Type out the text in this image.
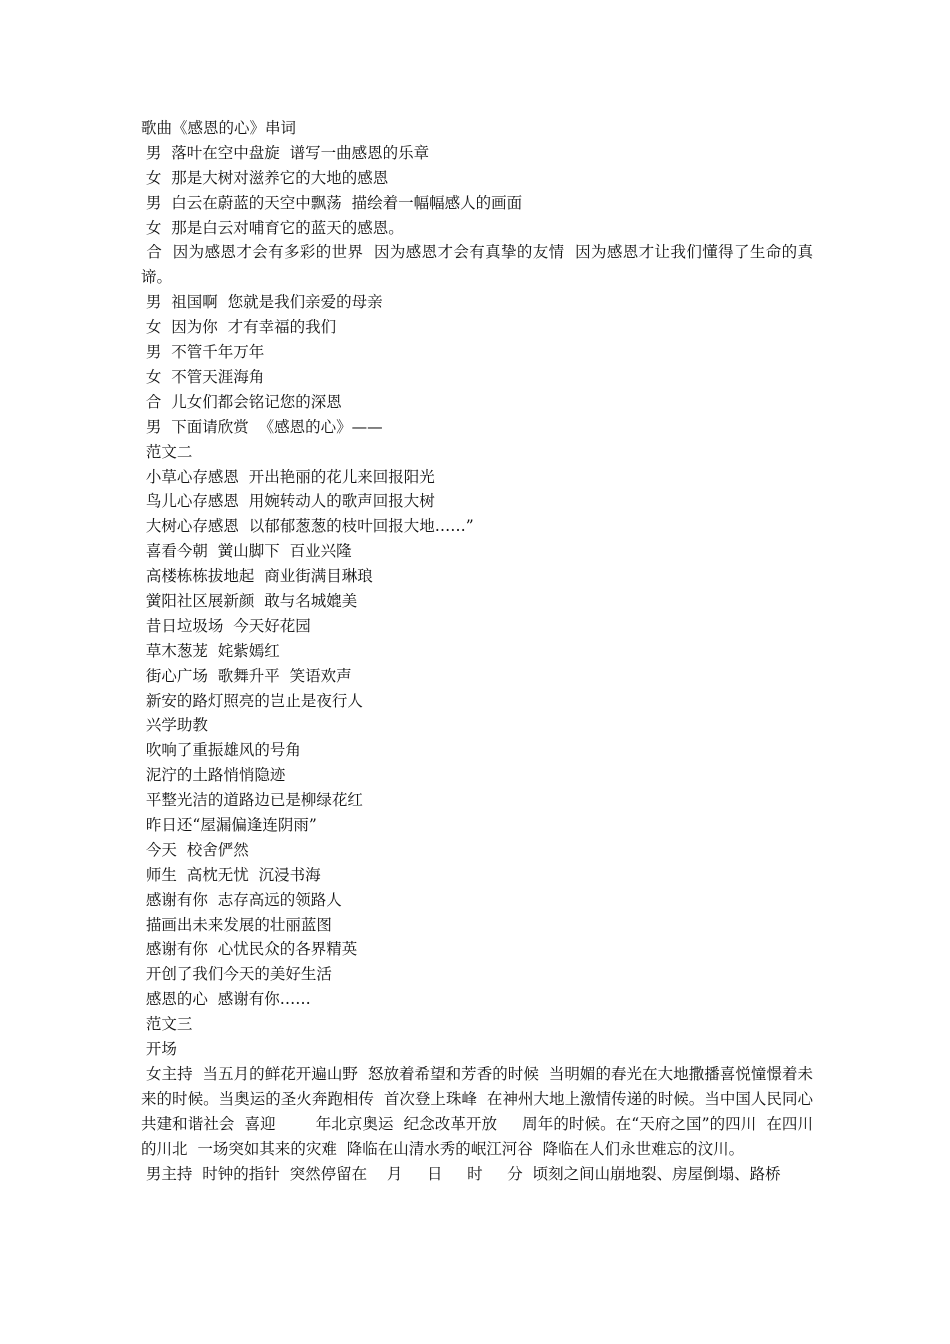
歌曲《感恩的心》串词

男  落叶在空中盘旋  谱写一曲感恩的乐章

女  那是大树对滋养它的大地的感恩

男  白云在蔚蓝的天空中飘荡  描绘着一幅幅感人的画面

女  那是白云对哺育它的蓝天的感恩。

合  因为感恩才会有多彩的世界  因为感恩才会有真挚的友情  因为感恩才让我们懂得了生命的真谛。

男  祖国啊  您就是我们亲爱的母亲

女  因为你  才有幸福的我们

男  不管千年万年

女  不管天涯海角

合  儿女们都会铭记您的深恩

男  下面请欣赏  《感恩的心》——

范文二

小草心存感恩  开出艳丽的花儿来回报阳光

鸟儿心存感恩  用婉转动人的歌声回报大树

大树心存感恩  以郁郁葱葱的枝叶回报大地……”

喜看今朝  黉山脚下  百业兴隆

高楼栋栋拔地起  商业街满目琳琅

黉阳社区展新颜  敢与名城媲美

昔日垃圾场  今天好花园

草木葱茏  姹紫嫣红

街心广场  歌舞升平  笑语欢声

新安的路灯照亮的岂止是夜行人

兴学助教

吹响了重振雄风的号角

泥泞的土路悄悄隐迹

平整光洁的道路边已是柳绿花红

昨日还“屋漏偏逢连阴雨”

今天  校舍俨然

师生  高枕无忧  沉浸书海

感谢有你  志存高远的领路人

描画出未来发展的壮丽蓝图

感谢有你  心忧民众的各界精英

开创了我们今天的美好生活

感恩的心  感谢有你……

范文三

开场

女主持  当五月的鲜花开遍山野  怒放着希望和芳香的时候  当明媚的春光在大地撒播喜悦憧憬着未来的时候。当奥运的圣火奔跑相传  首次登上珠峰  在神州大地上激情传递的时候。当中国人民同心共建和谐社会  喜迎        年北京奥运  纪念改革开放     周年的时候。在“天府之国”的四川  在四川的川北  一场突如其来的灾难  降临在山清水秀的岷江河谷  降临在人们永世难忘的汶川。

男主持  时钟的指针  突然停留在    月     日     时     分  顷刻之间山崩地裂、房屋倒塌、路桥
